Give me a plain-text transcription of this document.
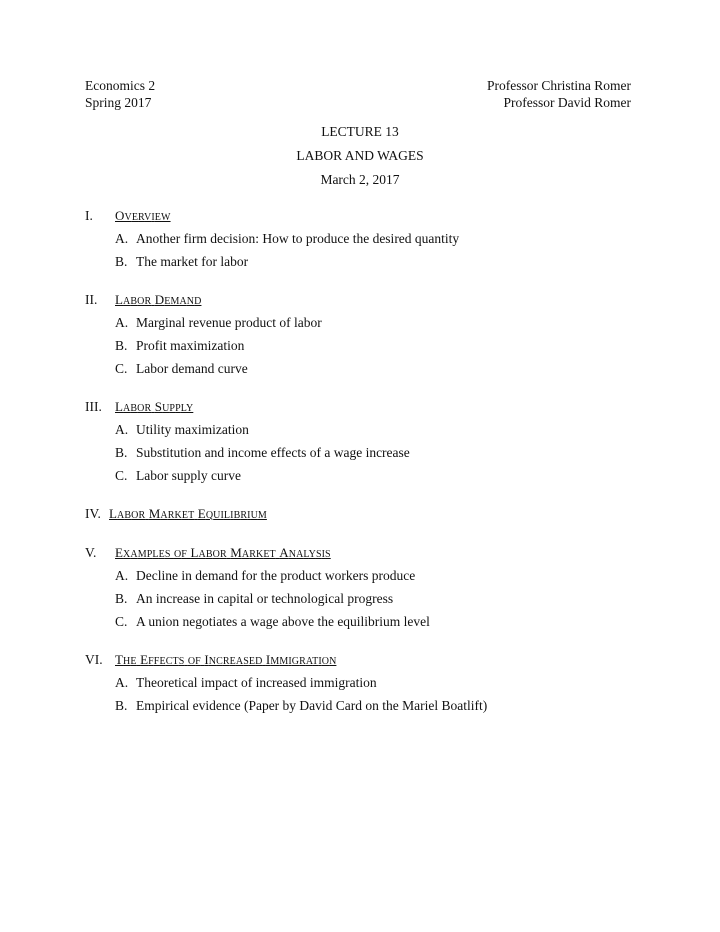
Economics 2	Professor Christina Romer
Spring 2017	Professor David Romer
LECTURE 13
LABOR AND WAGES
March 2, 2017
I.	OVERVIEW
A. Another firm decision: How to produce the desired quantity
B. The market for labor
II.	LABOR DEMAND
A. Marginal revenue product of labor
B. Profit maximization
C. Labor demand curve
III.	LABOR SUPPLY
A. Utility maximization
B. Substitution and income effects of a wage increase
C. Labor supply curve
IV. LABOR MARKET EQUILIBRIUM
V.	EXAMPLES OF LABOR MARKET ANALYSIS
A. Decline in demand for the product workers produce
B. An increase in capital or technological progress
C. A union negotiates a wage above the equilibrium level
VI. THE EFFECTS OF INCREASED IMMIGRATION
A. Theoretical impact of increased immigration
B. Empirical evidence (Paper by David Card on the Mariel Boatlift)
